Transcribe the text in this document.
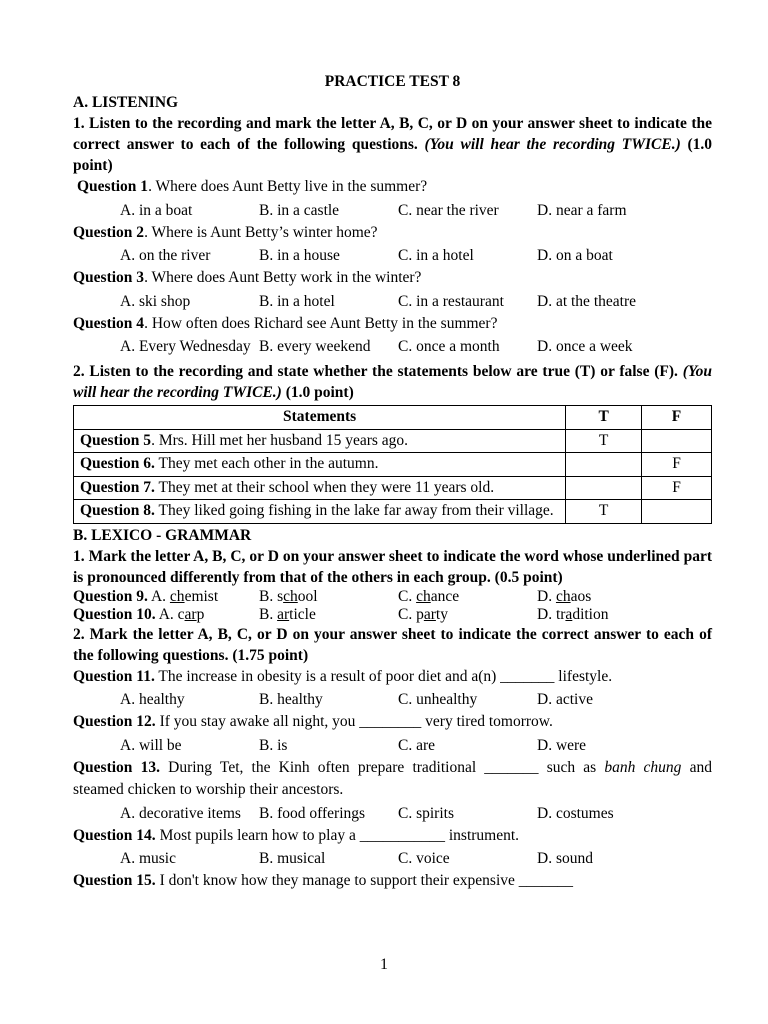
PRACTICE TEST 8
A. LISTENING
1. Listen to the recording and mark the letter A, B, C, or D on your answer sheet to indicate the correct answer to each of the following questions. (You will hear the recording TWICE.) (1.0 point)
Question 1. Where does Aunt Betty live in the summer?
A. in a boat	B. in a castle	C. near the river	D. near a farm
Question 2. Where is Aunt Betty’s winter home?
A. on the river	B. in a house	C. in a hotel	D. on a boat
Question 3. Where does Aunt Betty work in the winter?
A. ski shop	B. in a hotel	C. in a restaurant	D. at the theatre
Question 4. How often does Richard see Aunt Betty in the summer?
A. Every Wednesday B. every weekend	C. once a month	D. once a week
2. Listen to the recording and state whether the statements below are true (T) or false (F). (You will hear the recording TWICE.) (1.0 point)
Statements	T	F
Question 5. Mrs. Hill met her husband 15 years ago.	T	
Question 6. They met each other in the autumn.		F
Question 7. They met at their school when they were 11 years old.		F
Question 8. They liked going fishing in the lake far away from their village.	T	
B. LEXICO - GRAMMAR
1. Mark the letter A, B, C, or D on your answer sheet to indicate the word whose underlined part is pronounced differently from that of the others in each group. (0.5 point)
Question 9. A. chemist	B. school	C. chance	D. chaos
Question 10. A. carp	B. article	C. party	D. tradition
2. Mark the letter A, B, C, or D on your answer sheet to indicate the correct answer to each of the following questions. (1.75 point)
Question 11. The increase in obesity is a result of poor diet and a(n) _______ lifestyle.
A. healthy	B. healthy	C. unhealthy	D. active
Question 12. If you stay awake all night, you ________ very tired tomorrow.
A. will be	B. is	C. are	D. were
Question 13. During Tet, the Kinh often prepare traditional _______ such as banh chung and
steamed chicken to worship their ancestors.
A. decorative items	B. food offerings	C. spirits	D. costumes
Question 14. Most pupils learn how to play a ___________ instrument.
A. music	B. musical	C. voice	D. sound
Question 15. I don't know how they manage to support their expensive _______
1
